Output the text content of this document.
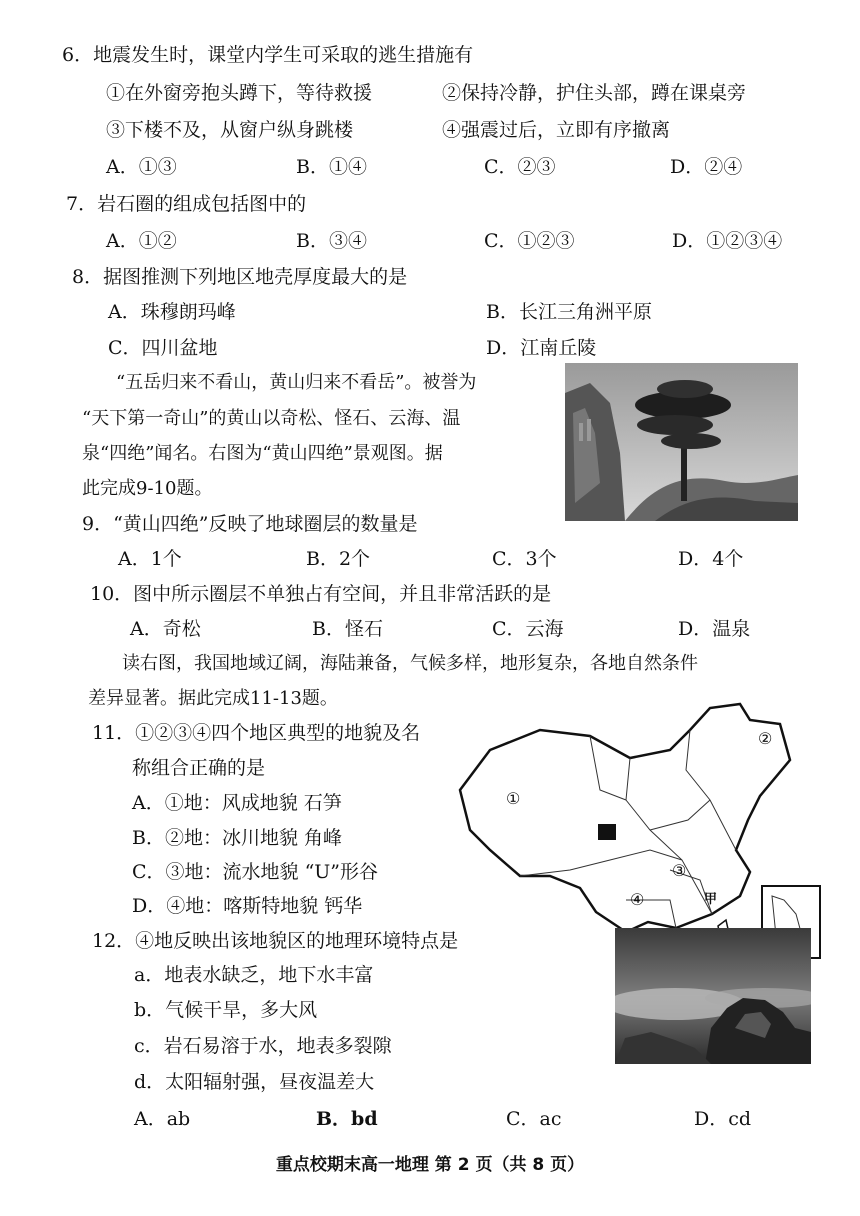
6．地震发生时，课堂内学生可采取的逃生措施有
①在外窗旁抱头蹲下，等待救援	②保持冷静，护住头部，蹲在课桌旁
③下楼不及，从窗户纵身跳楼	④强震过后，立即有序撤离
A．①③	B．①④	C．②③	D．②④
7．岩石圈的组成包括图中的
A．①②	B．③④	C．①②③	D．①②③④
8．据图推测下列地区地壳厚度最大的是
A．珠穆朗玛峰	B．长江三角洲平原
C．四川盆地	D．江南丘陵
“五岳归来不看山，黄山归来不看岳”。被誉为
“天下第一奇山”的黄山以奇松、怪石、云海、温
泉“四绝”闻名。右图为“黄山四绝”景观图。据
此完成9-10题。
9．“黄山四绝”反映了地球圈层的数量是
A．1个	B．2个	C．3个	D．4个
10．图中所示圈层不单独占有空间，并且非常活跃的是
A．奇松	B．怪石	C．云海	D．温泉
读右图，我国地域辽阔，海陆兼备，气候多样，地形复杂，各地自然条件
差异显著。据此完成11-13题。
11．①②③④四个地区典型的地貌及名
称组合正确的是
A．①地：风成地貌 石笋
B．②地：冰川地貌 角峰
C．③地：流水地貌 “U”形谷
D．④地：喀斯特地貌 钙华
①
②
③
④	甲
12．④地反映出该地貌区的地理环境特点是
a．地表水缺乏，地下水丰富
b．气候干旱，多大风
c．岩石易溶于水，地表多裂隙
d．太阳辐射强，昼夜温差大
A．ab	B．bd	C．ac	D．cd
重点校期末高一地理 第 2 页（共 8 页）
